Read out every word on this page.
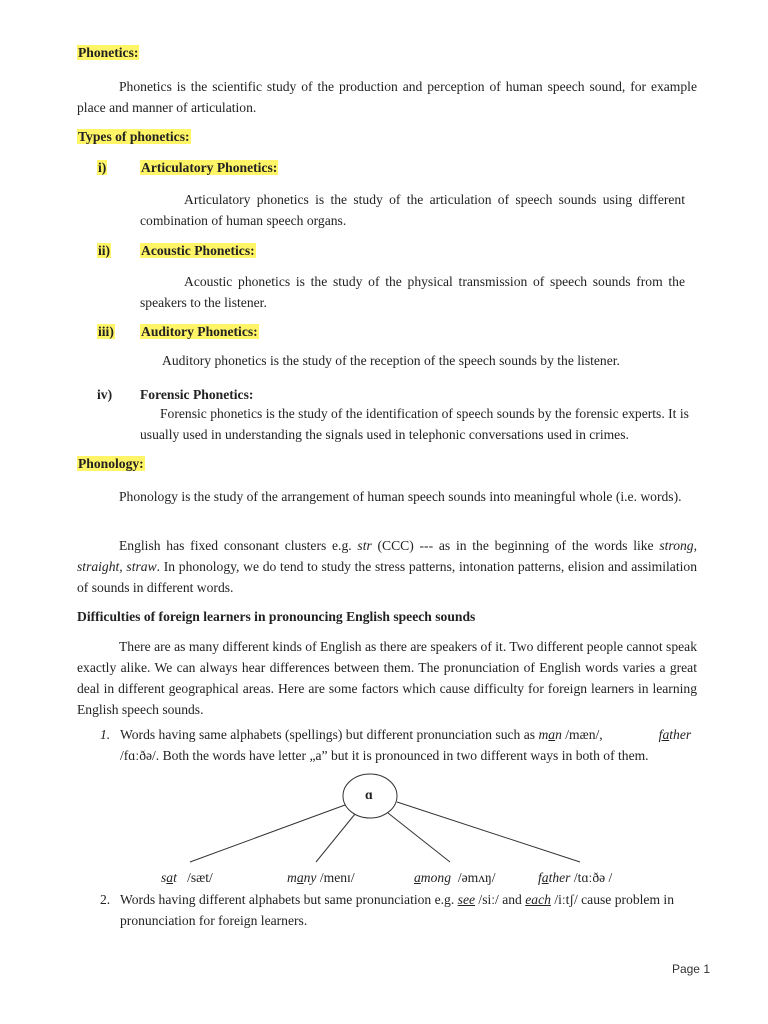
Phonetics:
Phonetics is the scientific study of the production and perception of human speech sound, for example place and manner of articulation.
Types of phonetics:
i)	Articulatory Phonetics:
Articulatory phonetics is the study of the articulation of speech sounds using different combination of human speech organs.
ii) Acoustic Phonetics:
Acoustic phonetics is the study of the physical transmission of speech sounds from the speakers to the listener.
iii) Auditory Phonetics:
Auditory phonetics is the study of the reception of the speech sounds by the listener.
iv) Forensic Phonetics:
Forensic phonetics is the study of the identification of speech sounds by the forensic experts. It is usually used in understanding the signals used in telephonic conversations used in crimes.
Phonology:
Phonology is the study of the arrangement of human speech sounds into meaningful whole (i.e. words).
English has fixed consonant clusters e.g. str (CCC) --- as in the beginning of the words like strong, straight, straw. In phonology, we do tend to study the stress patterns, intonation patterns, elision and assimilation of sounds in different words.
Difficulties of foreign learners in pronouncing English speech sounds
There are as many different kinds of English as there are speakers of it. Two different people cannot speak exactly alike. We can always hear differences between them. The pronunciation of English words varies a great deal in different geographical areas. Here are some factors which cause difficulty for foreign learners in learning English speech sounds.
1. Words having same alphabets (spellings) but different pronunciation such as man /mæn/,	father
/fɑːðə/. Both the words have letter „a” but it is pronounced in two different ways in both of them.
ɑ
sat /sæt/	many /menɪ/	among /əmʌŋ/	father /tɑːðə /
2. Words having different alphabets but same pronunciation e.g. see /siː/ and each /iːtʃ/ cause problem in pronunciation for foreign learners.
Page 1
